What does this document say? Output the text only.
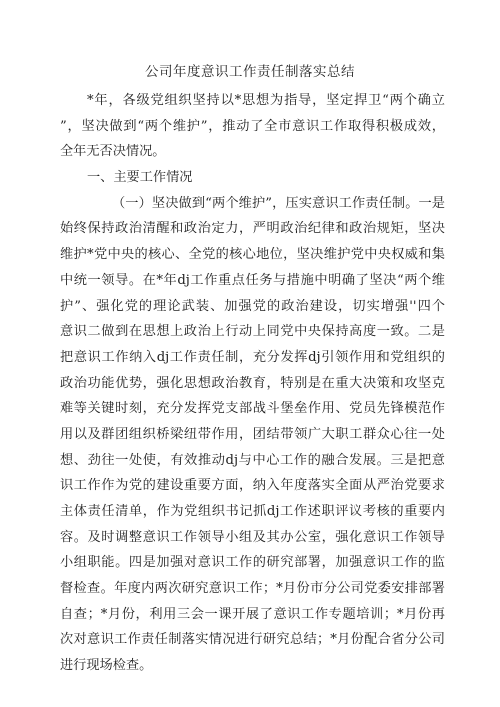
公司年度意识工作责任制落实总结
*年，各级党组织坚持以*思想为指导，坚定捍卫“两个确立
”，坚决做到“两个维护”，推动了全市意识工作取得积极成效，
全年无否决情况。
一、主要工作情况
（一）坚决做到“两个维护”，压实意识工作责任制。一是
始终保持政治清醒和政治定力，严明政治纪律和政治规矩，坚决
维护*党中央的核心、全党的核心地位，坚决维护党中央权威和集
中统一领导。在*年dj工作重点任务与措施中明确了坚决“两个维
护”、强化党的理论武装、加强党的政治建设，切实增强''四个
意识二做到在思想上政治上行动上同党中央保持高度一致。二是
把意识工作纳入dj工作责任制，充分发挥dj引领作用和党组织的
政治功能优势，强化思想政治教育，特别是在重大决策和攻坚克
难等关键时刻，充分发挥党支部战斗堡垒作用、党员先锋模范作
用以及群团组织桥梁纽带作用，团结带领广大职工群众心往一处
想、劲往一处使，有效推动dj与中心工作的融合发展。三是把意
识工作作为党的建设重要方面，纳入年度落实全面从严治党要求
主体责任清单，作为党组织书记抓dj工作述职评议考核的重要内
容。及时调整意识工作领导小组及其办公室，强化意识工作领导
小组职能。四是加强对意识工作的研究部署，加强意识工作的监
督检查。年度内两次研究意识工作；*月份市分公司党委安排部署
自查；*月份，利用三会一课开展了意识工作专题培训；*月份再
次对意识工作责任制落实情况进行研究总结；*月份配合省分公司
进行现场检查。
